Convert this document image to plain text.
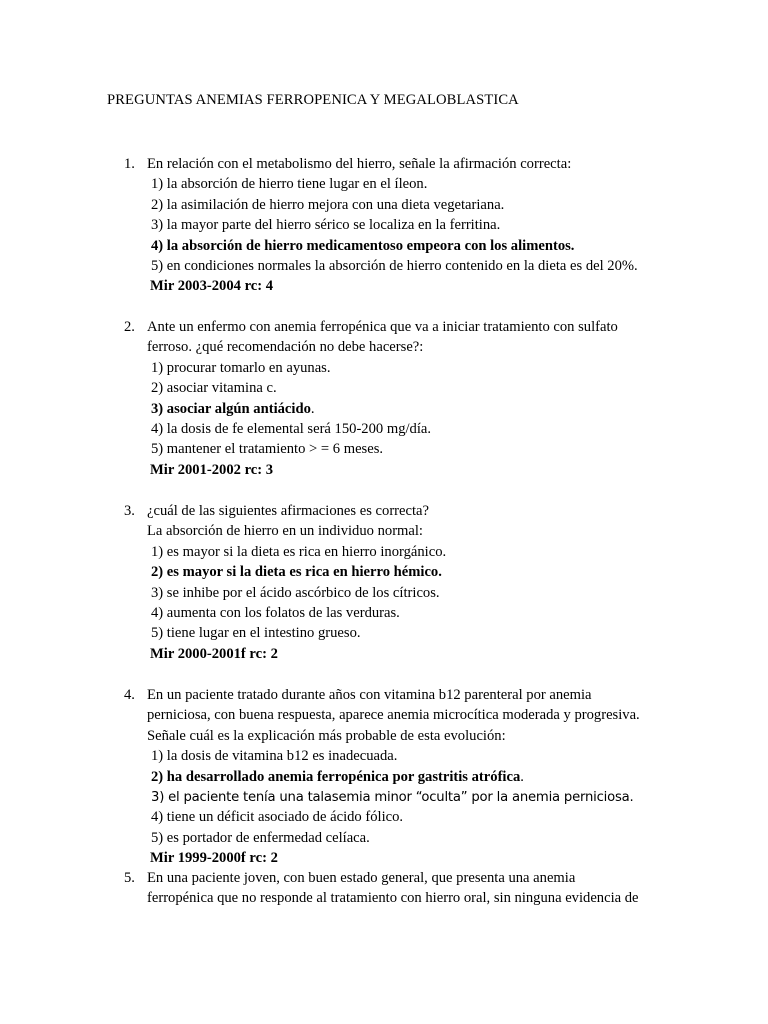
PREGUNTAS ANEMIAS FERROPENICA Y MEGALOBLASTICA
1. En relación con el metabolismo del hierro, señale la afirmación correcta:
1) la absorción de hierro tiene lugar en el íleon.
2) la asimilación de hierro mejora con una dieta vegetariana.
3) la mayor parte del hierro sérico se localiza en la ferritina.
4) la absorción de hierro medicamentoso empeora con los alimentos.
5) en condiciones normales la absorción de hierro contenido en la dieta es del 20%.
Mir 2003-2004 rc: 4
2. Ante un enfermo con anemia ferropénica que va a iniciar tratamiento con sulfato
ferroso. ¿qué recomendación no debe hacerse?:
1) procurar tomarlo en ayunas.
2) asociar vitamina c.
3) asociar algún antiácido.
4) la dosis de fe elemental será 150-200 mg/día.
5) mantener el tratamiento > = 6 meses.
Mir 2001-2002 rc: 3
3. ¿cuál de las siguientes afirmaciones es correcta?
La absorción de hierro en un individuo normal:
1) es mayor si la dieta es rica en hierro inorgánico.
2) es mayor si la dieta es rica en hierro hémico.
3) se inhibe por el ácido ascórbico de los cítricos.
4) aumenta con los folatos de las verduras.
5) tiene lugar en el intestino grueso.
Mir 2000-2001f rc: 2
4. En un paciente tratado durante años con vitamina b12 parenteral por anemia
perniciosa, con buena respuesta, aparece anemia microcítica moderada y progresiva.
Señale cuál es la explicación más probable de esta evolución:
1) la dosis de vitamina b12 es inadecuada.
2) ha desarrollado anemia ferropénica por gastritis atrófica.
3) el paciente tenía una talasemia minor “oculta” por la anemia perniciosa.
4) tiene un déficit asociado de ácido fólico.
5) es portador de enfermedad celíaca.
Mir 1999-2000f rc: 2
5. En una paciente joven, con buen estado general, que presenta una anemia
ferropénica que no responde al tratamiento con hierro oral, sin ninguna evidencia de
